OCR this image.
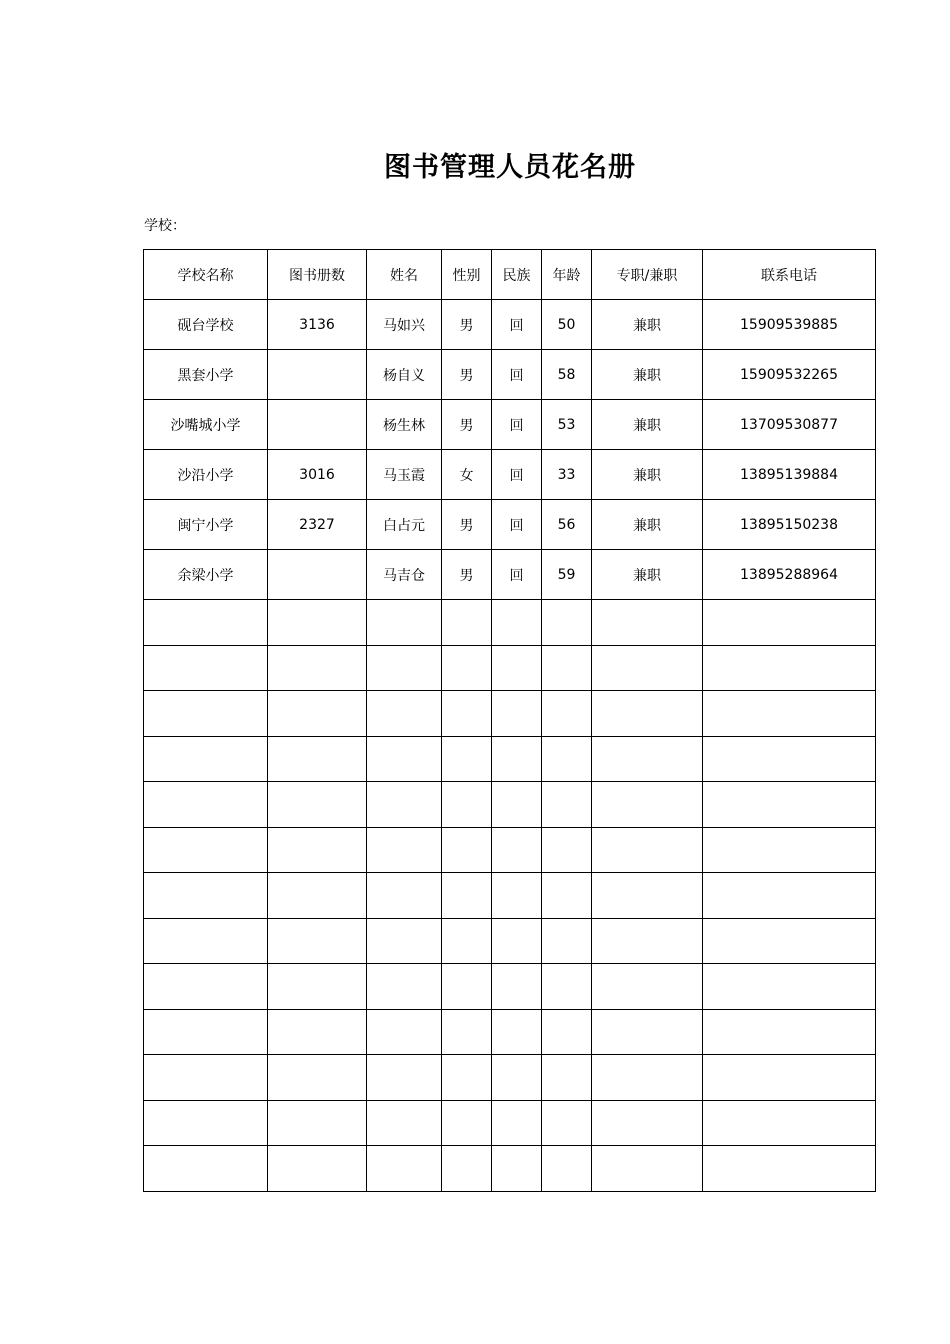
图书管理人员花名册
学校：
学校名称	图书册数	姓名	性别	民族	年龄	专职/兼职	联系电话
砚台学校	3136	马如兴	男	回	50	兼职	15909539885
黑套小学		杨自义	男	回	58	兼职	15909532265
沙嘴城小学		杨生林	男	回	53	兼职	13709530877
沙沿小学	3016	马玉霞	女	回	33	兼职	13895139884
闽宁小学	2327	白占元	男	回	56	兼职	13895150238
余梁小学		马吉仓	男	回	59	兼职	13895288964
